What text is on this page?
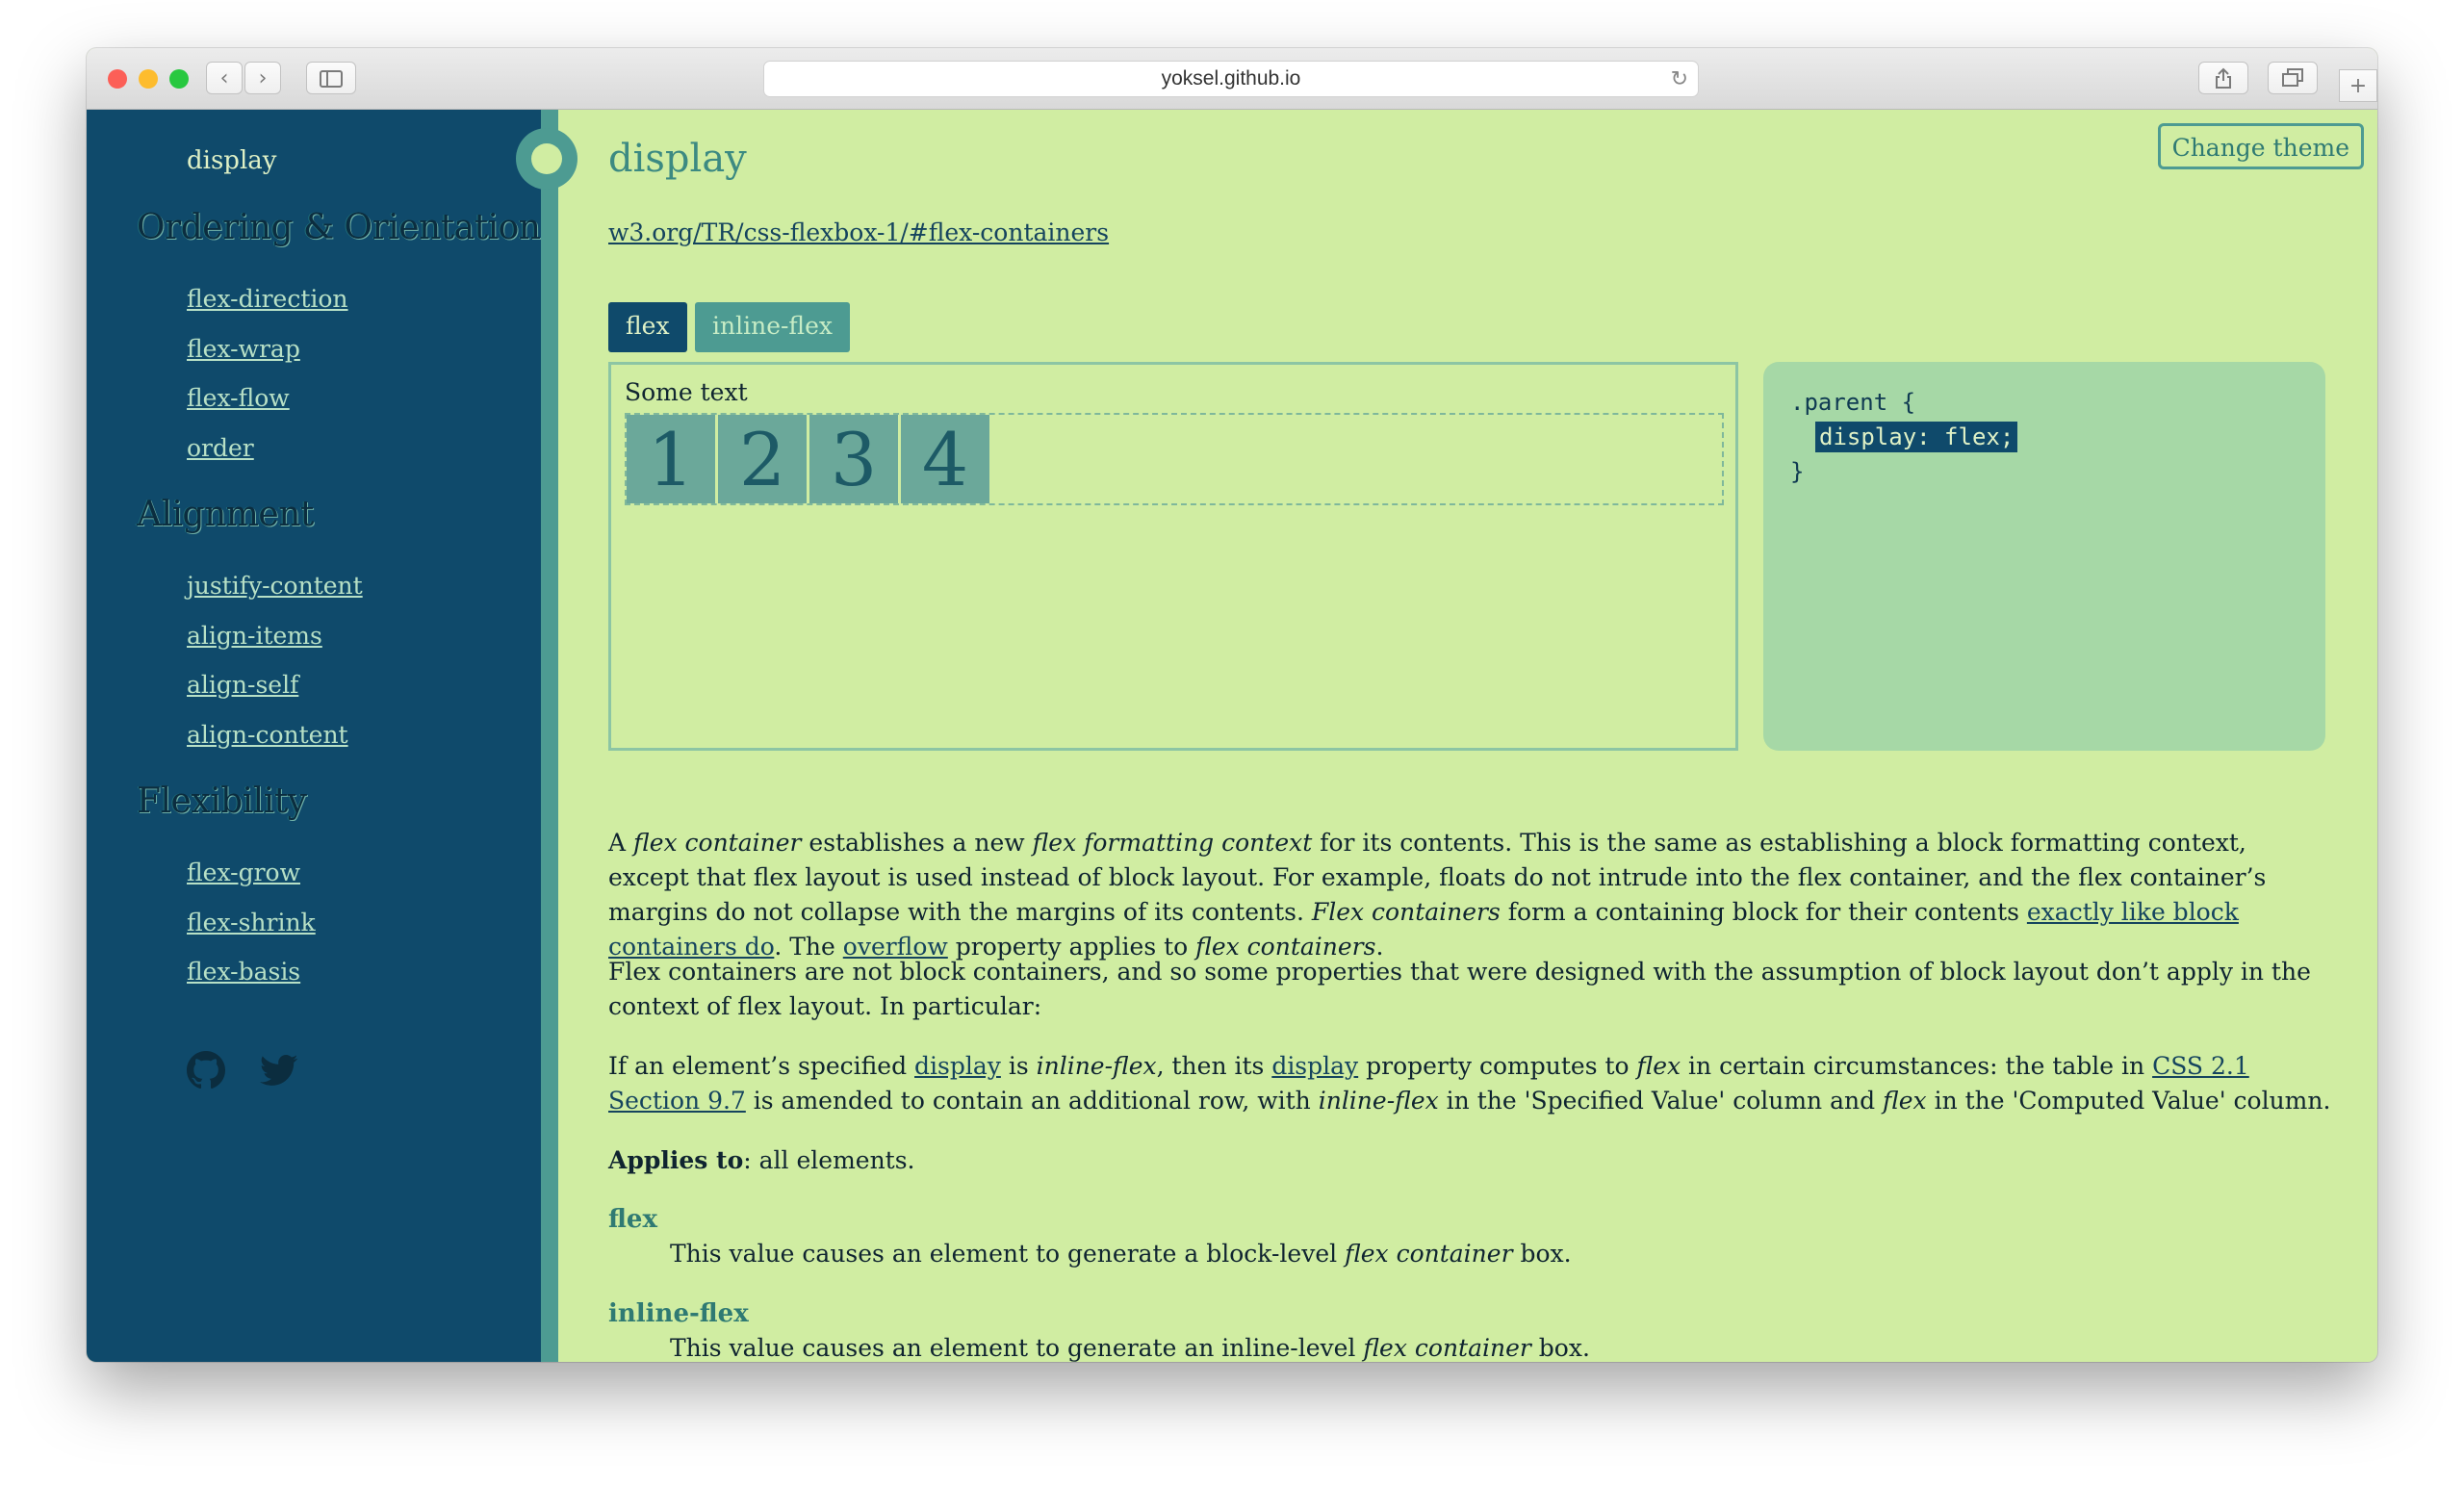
‹	›	yoksel.github.io	↻	+
display
Ordering & Orientation
flex-direction
flex-wrap
flex-flow
order
Alignment
justify-content
align-items
align-self
align-content
Flexibility
flex-grow
flex-shrink
flex-basis
display	Change theme
w3.org/TR/css-flexbox-1/#flex-containers
flex	inline-flex
Some text
1 2 3 4
.parent {
display: flex;
}

A flex container establishes a new flex formatting context for its contents. This is the same as establishing a block formatting context, except that flex layout is used instead of block layout. For example, floats do not intrude into the flex container, and the flex container’s margins do not collapse with the margins of its contents. Flex containers form a containing block for their contents exactly like block containers do. The overflow property applies to flex containers.

Flex containers are not block containers, and so some properties that were designed with the assumption of block layout don’t apply in the context of flex layout. In particular:

If an element’s specified display is inline-flex, then its display property computes to flex in certain circumstances: the table in CSS 2.1 Section 9.7 is amended to contain an additional row, with inline-flex in the 'Specified Value' column and flex in the 'Computed Value' column.

Applies to: all elements.

flex
This value causes an element to generate a block-level flex container box.
inline-flex
This value causes an element to generate an inline-level flex container box.
